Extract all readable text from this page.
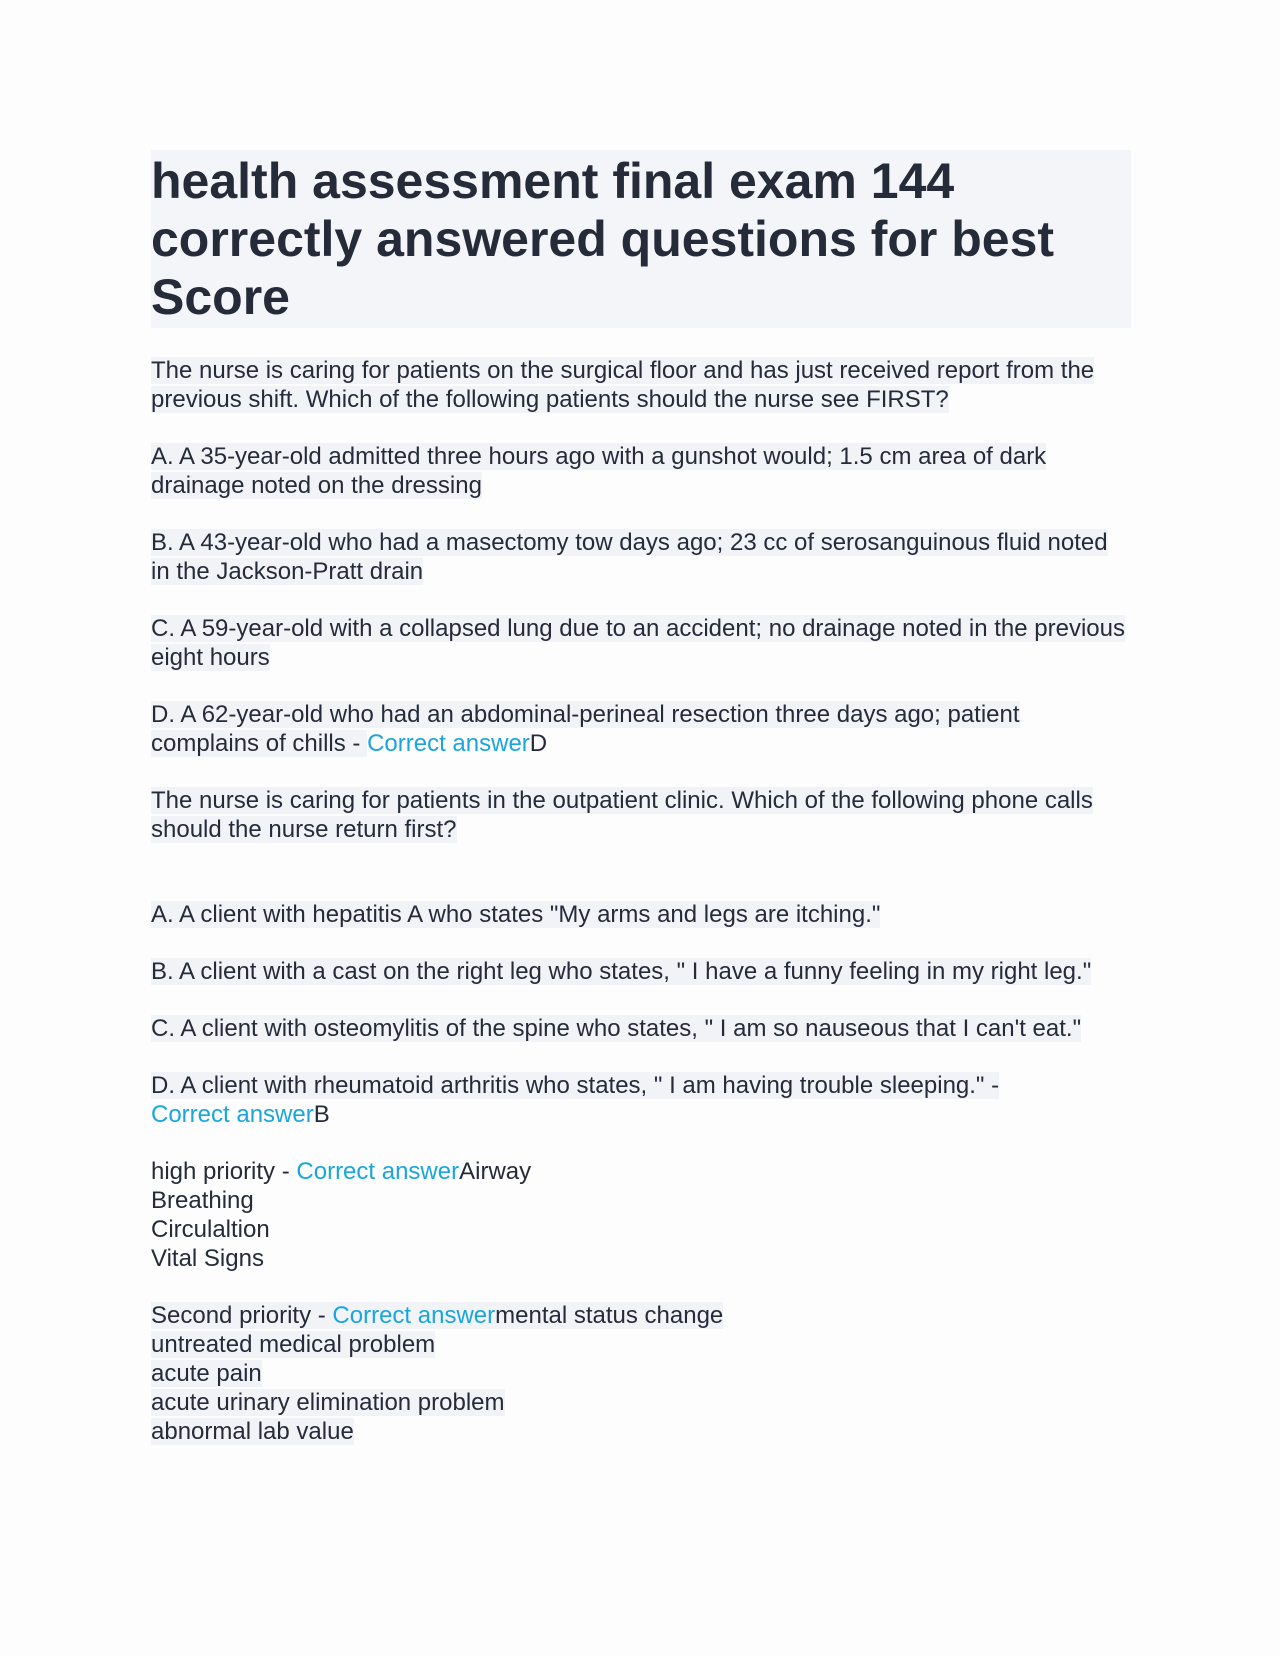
health assessment final exam 144 correctly answered questions for best Score

The nurse is caring for patients on the surgical floor and has just received report from the previous shift. Which of the following patients should the nurse see FIRST?

A. A 35-year-old admitted three hours ago with a gunshot would; 1.5 cm area of dark drainage noted on the dressing

B. A 43-year-old who had a masectomy tow days ago; 23 cc of serosanguinous fluid noted in the Jackson-Pratt drain

C. A 59-year-old with a collapsed lung due to an accident; no drainage noted in the previous eight hours

D. A 62-year-old who had an abdominal-perineal resection three days ago; patient complains of chills - Correct answerD

The nurse is caring for patients in the outpatient clinic. Which of the following phone calls should the nurse return first?

A. A client with hepatitis A who states "My arms and legs are itching."

B. A client with a cast on the right leg who states, " I have a funny feeling in my right leg."

C. A client with osteomylitis of the spine who states, " I am so nauseous that I can't eat."

D. A client with rheumatoid arthritis who states, " I am having trouble sleeping." -
Correct answerB

high priority - Correct answerAirway
Breathing
Circulaltion
Vital Signs

Second priority - Correct answermental status change
untreated medical problem
acute pain
acute urinary elimination problem
abnormal lab value
